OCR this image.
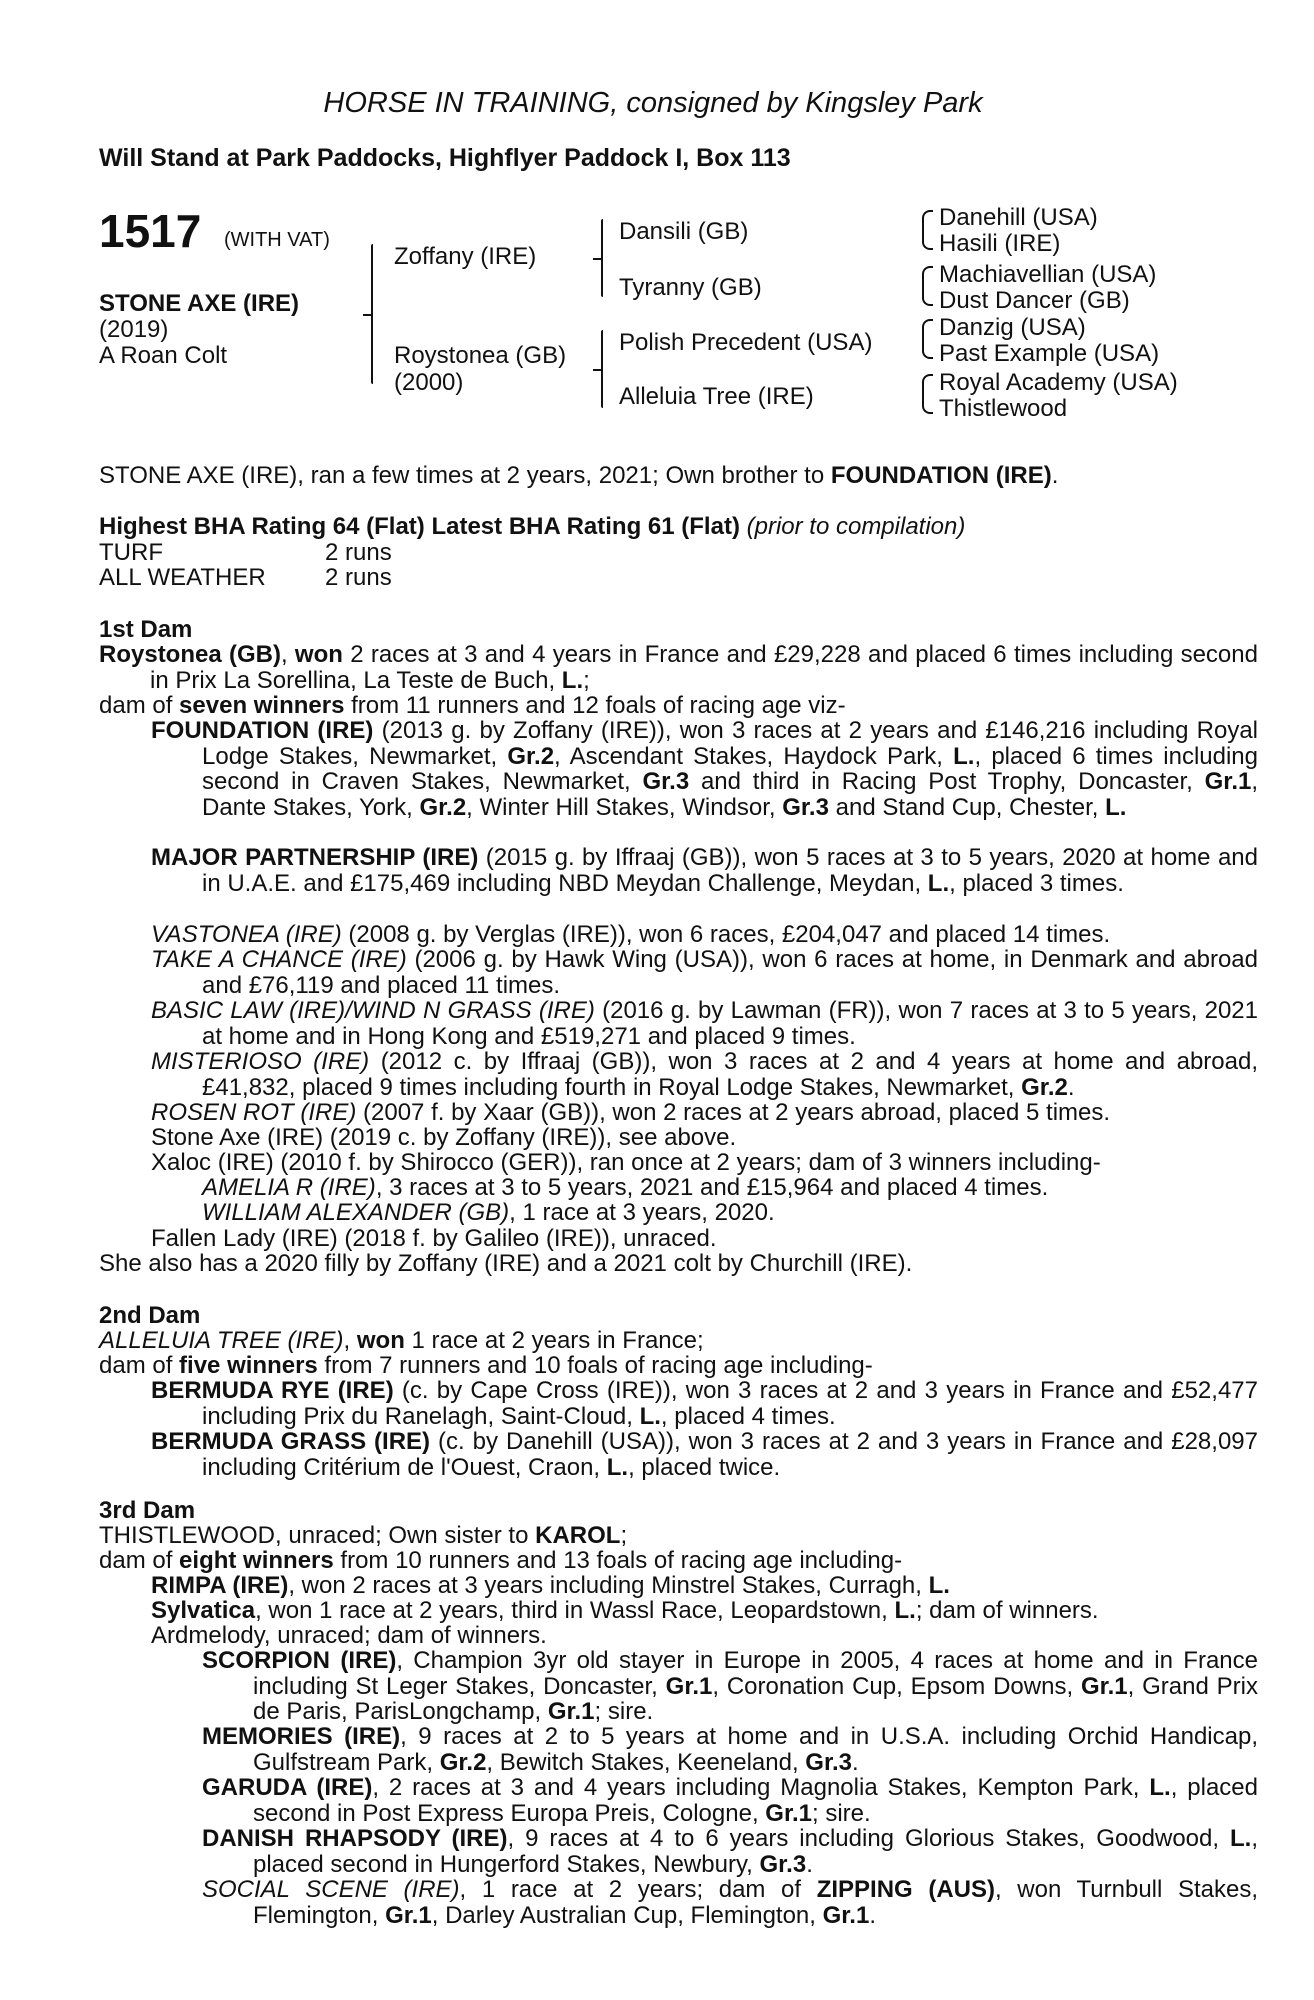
HORSE IN TRAINING, consigned by Kingsley Park
Will Stand at Park Paddocks, Highflyer Paddock I, Box 113
1517 (WITH VAT)
STONE AXE (IRE)
(2019)
A Roan Colt
Zoffany (IRE)
Roystonea (GB)
(2000)
Dansili (GB)
Tyranny (GB)
Polish Precedent (USA)
Alleluia Tree (IRE)
Danehill (USA)
Hasili (IRE)
Machiavellian (USA)
Dust Dancer (GB)
Danzig (USA)
Past Example (USA)
Royal Academy (USA)
Thistlewood
STONE AXE (IRE), ran a few times at 2 years, 2021; Own brother to FOUNDATION (IRE).
Highest BHA Rating 64 (Flat) Latest BHA Rating 61 (Flat) (prior to compilation)
TURF	2 runs
ALL WEATHER 2 runs
1st Dam
Roystonea (GB), won 2 races at 3 and 4 years in France and £29,228 and placed 6 times including second in Prix La Sorellina, La Teste de Buch, L.;
dam of seven winners from 11 runners and 12 foals of racing age viz-
FOUNDATION (IRE) (2013 g. by Zoffany (IRE)), won 3 races at 2 years and £146,216 including Royal Lodge Stakes, Newmarket, Gr.2, Ascendant Stakes, Haydock Park, L., placed 6 times including second in Craven Stakes, Newmarket, Gr.3 and third in Racing Post Trophy, Doncaster, Gr.1, Dante Stakes, York, Gr.2, Winter Hill Stakes, Windsor, Gr.3 and Stand Cup, Chester, L.
MAJOR PARTNERSHIP (IRE) (2015 g. by Iffraaj (GB)), won 5 races at 3 to 5 years, 2020 at home and in U.A.E. and £175,469 including NBD Meydan Challenge, Meydan, L., placed 3 times.
VASTONEA (IRE) (2008 g. by Verglas (IRE)), won 6 races, £204,047 and placed 14 times.
TAKE A CHANCE (IRE) (2006 g. by Hawk Wing (USA)), won 6 races at home, in Denmark and abroad and £76,119 and placed 11 times.
BASIC LAW (IRE)/WIND N GRASS (IRE) (2016 g. by Lawman (FR)), won 7 races at 3 to 5 years, 2021 at home and in Hong Kong and £519,271 and placed 9 times.
MISTERIOSO (IRE) (2012 c. by Iffraaj (GB)), won 3 races at 2 and 4 years at home and abroad, £41,832, placed 9 times including fourth in Royal Lodge Stakes, Newmarket, Gr.2.
ROSEN ROT (IRE) (2007 f. by Xaar (GB)), won 2 races at 2 years abroad, placed 5 times.
Stone Axe (IRE) (2019 c. by Zoffany (IRE)), see above.
Xaloc (IRE) (2010 f. by Shirocco (GER)), ran once at 2 years; dam of 3 winners including-
AMELIA R (IRE), 3 races at 3 to 5 years, 2021 and £15,964 and placed 4 times.
WILLIAM ALEXANDER (GB), 1 race at 3 years, 2020.
Fallen Lady (IRE) (2018 f. by Galileo (IRE)), unraced.
She also has a 2020 filly by Zoffany (IRE) and a 2021 colt by Churchill (IRE).
2nd Dam
ALLELUIA TREE (IRE), won 1 race at 2 years in France;
dam of five winners from 7 runners and 10 foals of racing age including-
BERMUDA RYE (IRE) (c. by Cape Cross (IRE)), won 3 races at 2 and 3 years in France and £52,477 including Prix du Ranelagh, Saint-Cloud, L., placed 4 times.
BERMUDA GRASS (IRE) (c. by Danehill (USA)), won 3 races at 2 and 3 years in France and £28,097 including Critérium de l'Ouest, Craon, L., placed twice.
3rd Dam
THISTLEWOOD, unraced; Own sister to KAROL;
dam of eight winners from 10 runners and 13 foals of racing age including-
RIMPA (IRE), won 2 races at 3 years including Minstrel Stakes, Curragh, L.
Sylvatica, won 1 race at 2 years, third in Wassl Race, Leopardstown, L.; dam of winners.
Ardmelody, unraced; dam of winners.
SCORPION (IRE), Champion 3yr old stayer in Europe in 2005, 4 races at home and in France including St Leger Stakes, Doncaster, Gr.1, Coronation Cup, Epsom Downs, Gr.1, Grand Prix de Paris, ParisLongchamp, Gr.1; sire.
MEMORIES (IRE), 9 races at 2 to 5 years at home and in U.S.A. including Orchid Handicap, Gulfstream Park, Gr.2, Bewitch Stakes, Keeneland, Gr.3.
GARUDA (IRE), 2 races at 3 and 4 years including Magnolia Stakes, Kempton Park, L., placed second in Post Express Europa Preis, Cologne, Gr.1; sire.
DANISH RHAPSODY (IRE), 9 races at 4 to 6 years including Glorious Stakes, Goodwood, L., placed second in Hungerford Stakes, Newbury, Gr.3.
SOCIAL SCENE (IRE), 1 race at 2 years; dam of ZIPPING (AUS), won Turnbull Stakes, Flemington, Gr.1, Darley Australian Cup, Flemington, Gr.1.
